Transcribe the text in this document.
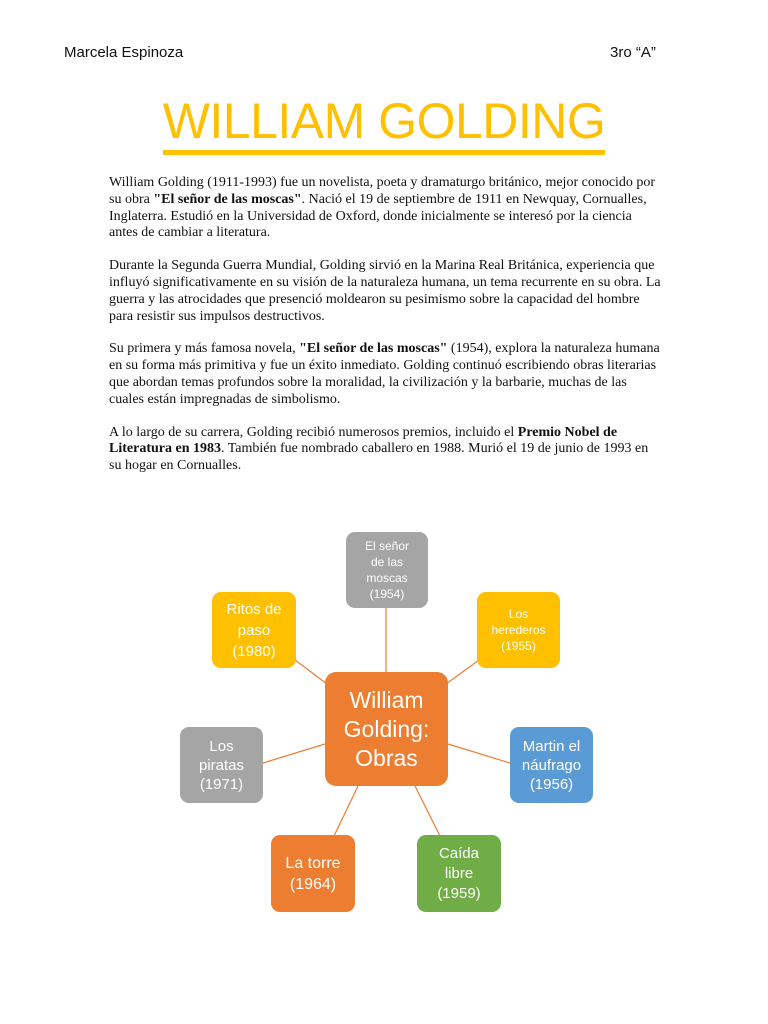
Marcela Espinoza	3ro “A”
WILLIAM GOLDING

William Golding (1911-1993) fue un novelista, poeta y dramaturgo británico, mejor conocido por su obra "El señor de las moscas". Nació el 19 de septiembre de 1911 en Newquay, Cornualles, Inglaterra. Estudió en la Universidad de Oxford, donde inicialmente se interesó por la ciencia antes de cambiar a literatura.

Durante la Segunda Guerra Mundial, Golding sirvió en la Marina Real Británica, experiencia que influyó significativamente en su visión de la naturaleza humana, un tema recurrente en su obra. La guerra y las atrocidades que presenció moldearon su pesimismo sobre la capacidad del hombre para resistir sus impulsos destructivos.

Su primera y más famosa novela, "El señor de las moscas" (1954), explora la naturaleza humana en su forma más primitiva y fue un éxito inmediato. Golding continuó escribiendo obras literarias que abordan temas profundos sobre la moralidad, la civilización y la barbarie, muchas de las cuales están impregnadas de simbolismo.

A lo largo de su carrera, Golding recibió numerosos premios, incluido el Premio Nobel de Literatura en 1983. También fue nombrado caballero en 1988. Murió el 19 de junio de 1993 en su hogar en Cornualles.

William
Golding:
Obras
El señor
de las
moscas
(1954)
Los
herederos
(1955)
Martin el
náufrago
(1956)
Caída
libre
(1959)
La torre
(1964)
Los
piratas
(1971)
Ritos de
paso
(1980)
